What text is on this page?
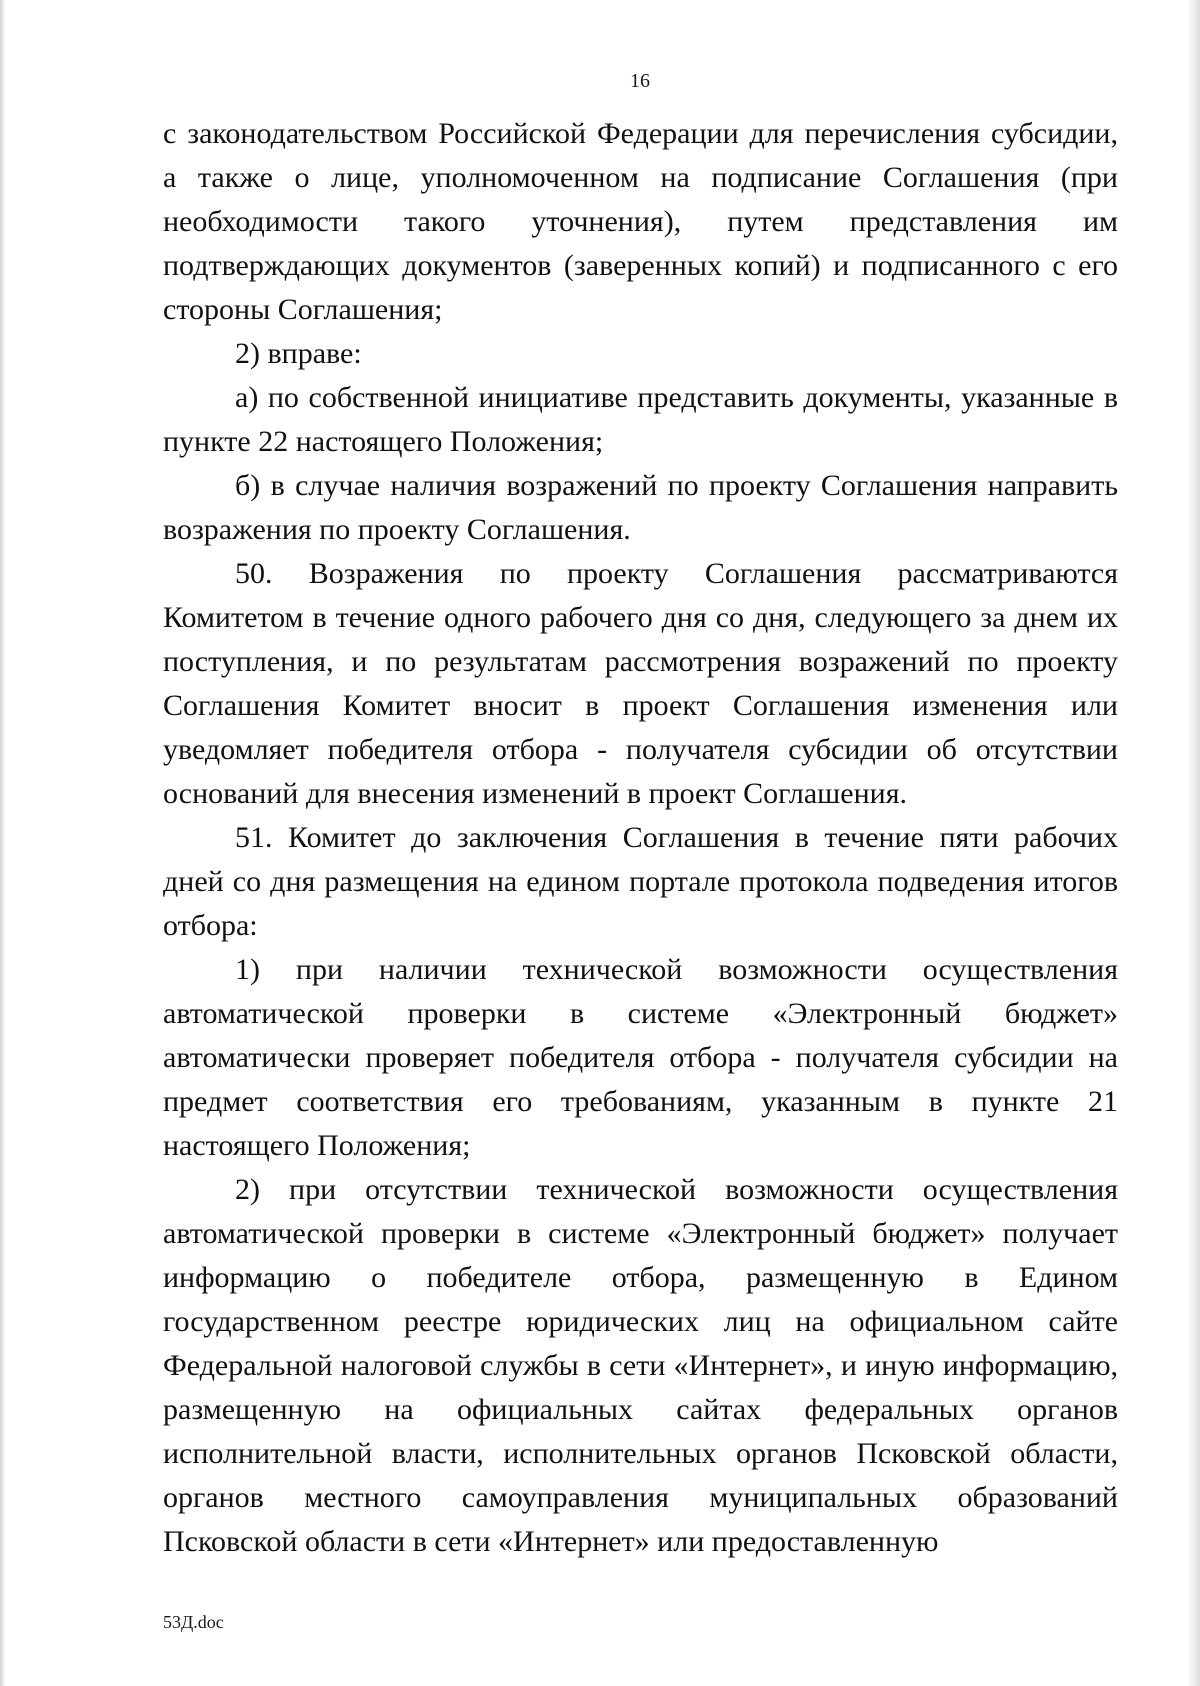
16

с законодательством Российской Федерации для перечисления субсидии, а также о лице, уполномоченном на подписание Соглашения (при необходимости такого уточнения), путем представления им подтверждающих документов (заверенных копий) и подписанного с его стороны Соглашения;

2) вправе:

а) по собственной инициативе представить документы, указанные в пункте 22 настоящего Положения;

б) в случае наличия возражений по проекту Соглашения направить возражения по проекту Соглашения.

50. Возражения по проекту Соглашения рассматриваются Комитетом в течение одного рабочего дня со дня, следующего за днем их поступления, и по результатам рассмотрения возражений по проекту Соглашения Комитет вносит в проект Соглашения изменения или уведомляет победителя отбора - получателя субсидии об отсутствии оснований для внесения изменений в проект Соглашения.

51. Комитет до заключения Соглашения в течение пяти рабочих дней со дня размещения на едином портале протокола подведения итогов отбора:

1) при наличии технической возможности осуществления автоматической проверки в системе «Электронный бюджет» автоматически проверяет победителя отбора - получателя субсидии на предмет соответствия его требованиям, указанным в пункте 21 настоящего Положения;

2) при отсутствии технической возможности осуществления автоматической проверки в системе «Электронный бюджет» получает информацию о победителе отбора, размещенную в Едином государственном реестре юридических лиц на официальном сайте Федеральной налоговой службы в сети «Интернет», и иную информацию, размещенную на официальных сайтах федеральных органов исполнительной власти, исполнительных органов Псковской области, органов местного самоуправления муниципальных образований Псковской области в сети «Интернет» или предоставленную

53Д.doc
